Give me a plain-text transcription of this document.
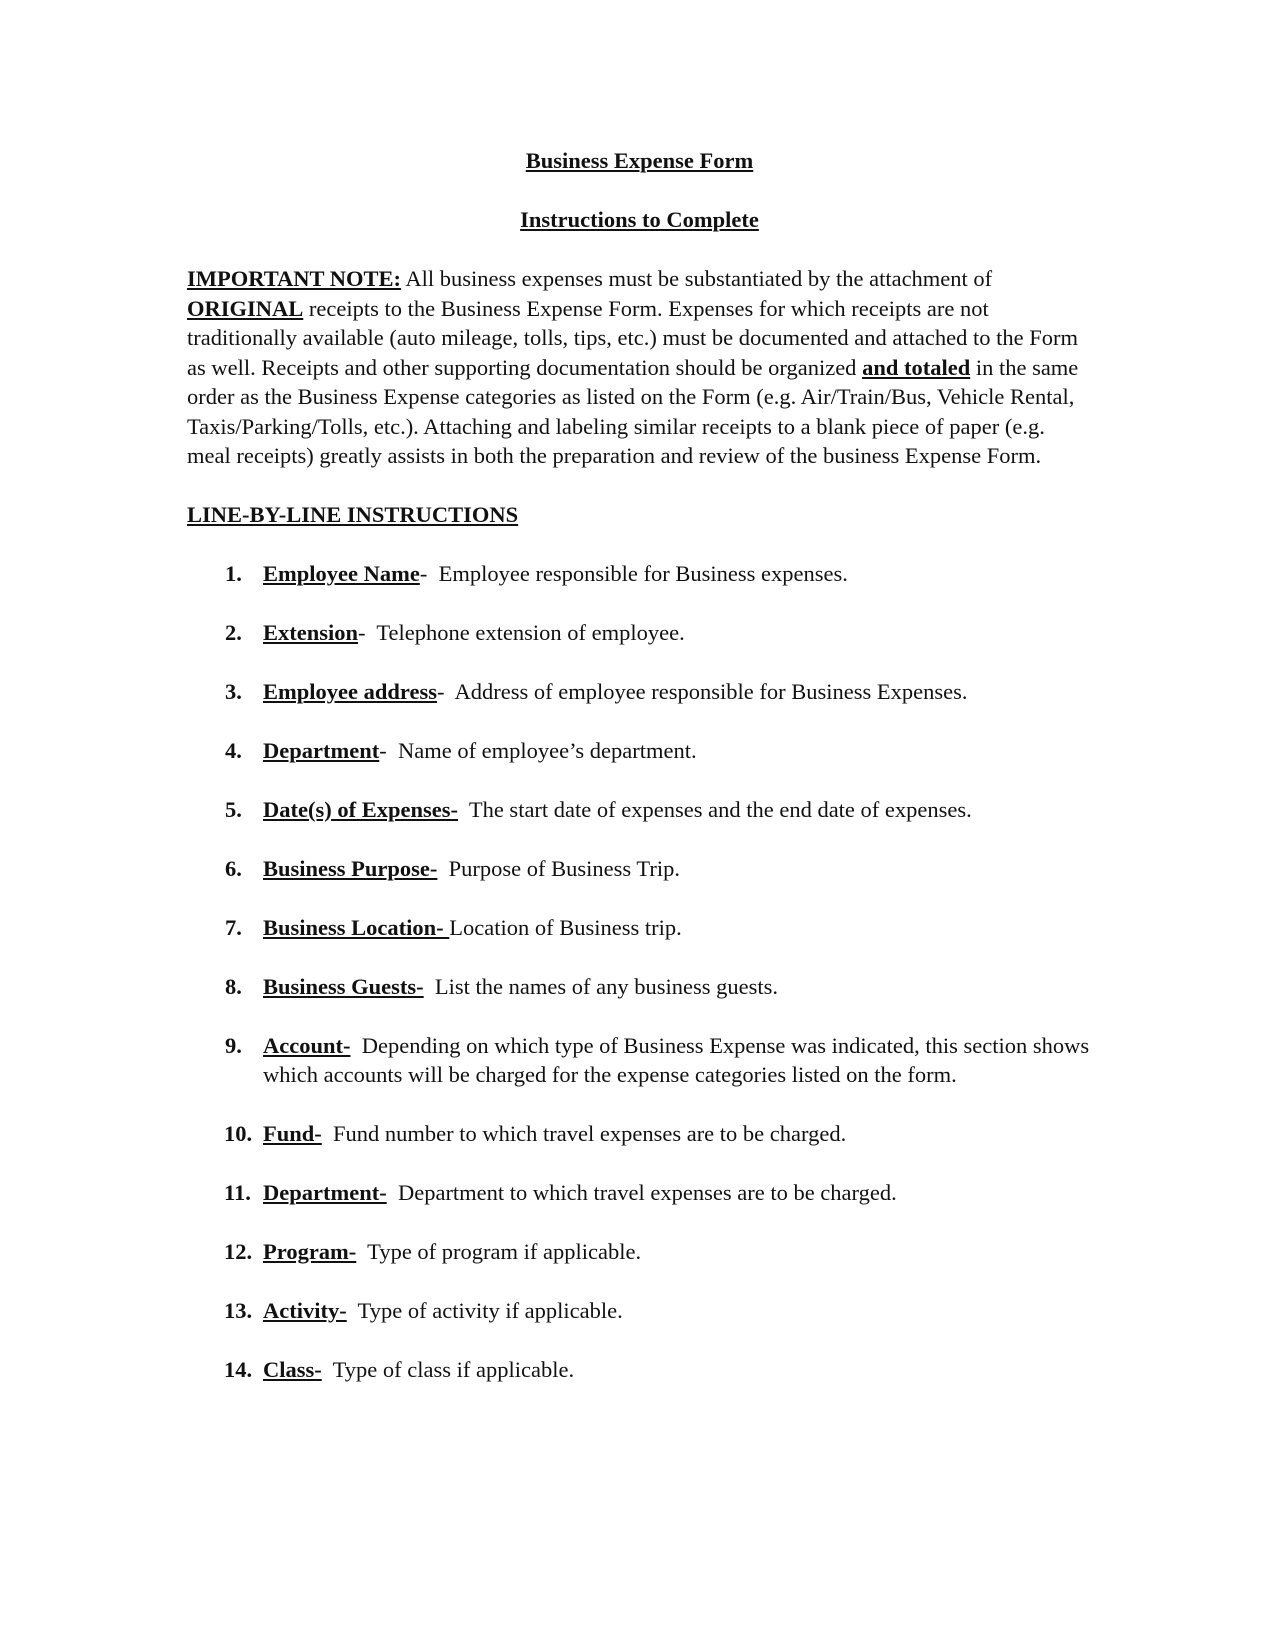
Business Expense Form
Instructions to Complete

IMPORTANT NOTE: All business expenses must be substantiated by the attachment of ORIGINAL receipts to the Business Expense Form. Expenses for which receipts are not traditionally available (auto mileage, tolls, tips, etc.) must be documented and attached to the Form as well. Receipts and other supporting documentation should be organized and totaled in the same order as the Business Expense categories as listed on the Form (e.g. Air/Train/Bus, Vehicle Rental, Taxis/Parking/Tolls, etc.). Attaching and labeling similar receipts to a blank piece of paper (e.g. meal receipts) greatly assists in both the preparation and review of the business Expense Form.

LINE-BY-LINE INSTRUCTIONS
1. Employee Name-  Employee responsible for Business expenses.
2. Extension-  Telephone extension of employee.
3. Employee address-  Address of employee responsible for Business Expenses.
4. Department-  Name of employee’s department.
5. Date(s) of Expenses-  The start date of expenses and the end date of expenses.
6. Business Purpose-  Purpose of Business Trip.
7. Business Location- Location of Business trip.
8. Business Guests-  List the names of any business guests.
9. Account-  Depending on which type of Business Expense was indicated, this section shows which accounts will be charged for the expense categories listed on the form.
10. Fund-  Fund number to which travel expenses are to be charged.
11. Department-  Department to which travel expenses are to be charged.
12. Program-  Type of program if applicable.
13. Activity-  Type of activity if applicable.
14. Class-  Type of class if applicable.
